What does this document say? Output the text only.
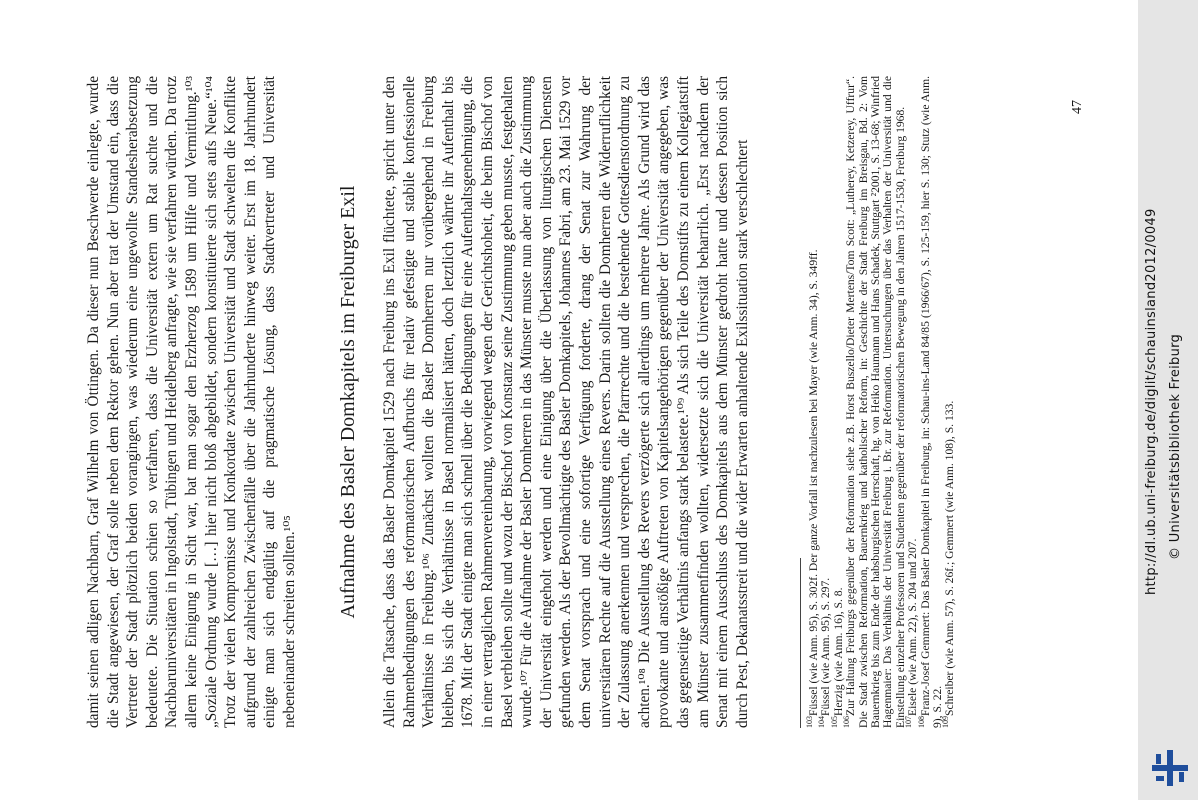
damit seinen adligen Nachbarn, Graf Wilhelm von Öttingen. Da dieser nun Beschwerde einlegte, wurde die Stadt angewiesen, der Graf solle neben dem Rektor gehen. Nun aber trat der Umstand ein, dass die Vertreter der Stadt plötzlich beiden vorangingen, was wiederum eine ungewollte Standesherabsetzung bedeutete. Die Situation schien so verfahren, dass die Universität extern um Rat suchte und die Nachbaruniversitäten in Ingolstadt, Tübingen und Heidelberg anfragte, wie sie verfahren würden. Da trotz allem keine Einigung in Sicht war, bat man sogar den Erzherzog 1589 um Hilfe und Vermittlung.¹⁰³ „Soziale Ordnung wurde […] hier nicht bloß abgebildet, sondern konstituierte sich stets aufs Neue.“¹⁰⁴ Trotz der vielen Kompromisse und Konkordate zwischen Universität und Stadt schwelten die Konflikte aufgrund der zahlreichen Zwischenfälle über die Jahrhunderte hinweg weiter. Erst im 18. Jahrhundert einigte man sich endgültig auf die pragmatische Lösung, dass Stadtvertreter und Universität nebeneinander schreiten sollten.¹⁰⁵

Aufnahme des Basler Domkapitels im Freiburger Exil Allein die Tatsache, dass das Basler Domkapitel 1529 nach Freiburg ins Exil flüchtete, spricht unter den Rahmenbedingungen des reformatorischen Aufbruchs für relativ gefestigte und stabile konfessionelle Verhältnisse in Freiburg.¹⁰⁶ Zunächst wollten die Basler Domherren nur vorübergehend in Freiburg bleiben, bis sich die Verhältnisse in Basel normalisiert hätten, doch letztlich währte ihr Aufenthalt bis 1678. Mit der Stadt einigte man sich schnell über die Bedingungen für eine Aufenthaltsgenehmigung, die in einer vertraglichen Rahmenvereinbarung, vorwiegend wegen der Gerichtshoheit, die beim Bischof von Basel verbleiben sollte und wozu der Bischof von Konstanz seine Zustimmung geben musste, festgehalten wurde.¹⁰⁷ Für die Aufnahme der Basler Domherren in das Münster musste nun aber auch die Zustimmung der Universität eingeholt werden und eine Einigung über die Überlassung von liturgischen Diensten gefunden werden. Als der Bevollmächtigte des Basler Domkapitels, Johannes Fabri, am 23. Mai 1529 vor dem Senat vorsprach und eine sofortige Verfügung forderte, drang der Senat zur Wahrung der universitären Rechte auf die Ausstellung eines Revers. Darin sollten die Domherren die Widerruflichkeit der Zulassung anerkennen und versprechen, die Pfarrrechte und die bestehende Gottesdienstordnung zu achten.¹⁰⁸ Die Ausstellung des Revers verzögerte sich allerdings um mehrere Jahre. Als Grund wird das provokante und anstößige Auftreten von Kapitelsangehörigen gegenüber der Universität angegeben, was das gegenseitige Verhältnis anfangs stark belastete.¹⁰⁹ Als sich Teile des Domstifts zu einem Kollegiatstift am Münster zusammenfinden wollten, widersetzte sich die Universität beharrlich. „Erst nachdem der Senat mit einem Ausschluss des Domkapitels aus dem Münster gedroht hatte und dessen Position sich durch Pest, Dekanatsstreit und die wider Erwarten anhaltende Exilssituation stark verschlechtert	$^{103}$Füssel (wie Anm. 95), S. 302f. Der ganze Vorfall ist nachzulesen bei Mayer (wie Anm. 34), S. 349ff.

$^{104}$Füssel (wie Anm. 95), S. 297.

$^{105}$Herzig (wie Anm. 16), S. 8.

$^{106}$Zur Haltung Freiburgs gegenüber der Reformation siehe z.B. Horst Buszello/Dieter Mertens/Tom Scott: „Lutherey, Ketzerey, Uffrur“. Die Stadt zwischen Reformation, Bauernkrieg und katholischer Reform, in: Geschichte der Stadt Freiburg im Breisgau, Bd. 2: Vom Bauernkrieg bis zum Ende der habsburgischen Herrschaft, hg. von Heiko Haumann und Hans Schadek, Stuttgart ²2001, S. 13-68; Winfried Hagenmaier: Das Verhältnis der Universität Freiburg i. Br. zur Reformation. Untersuchungen über das Verhalten der Universität und die Einstellung einzelner Professoren und Studenten gegenüber der reformatorischen Bewegung in den Jahren 1517-1530, Freiburg 1968.

$^{107}$Eisele (wie Anm. 22), S. 204 und 207.

$^{108}$Franz-Josef Gemmert: Das Basler Domkapitel in Freiburg, in: Schau-ins-Land 84/85 (1966/67), S. 125-159, hier S. 130; Stutz (wie Anm. 9), S. 22.

$^{109}$Schreiber (wie Anm. 57), S. 26f.; Gemmert (wie Anm. 108), S. 133.

47
http://dl.ub.uni-freiburg.de/diglit/schauinsland2012/0049 © Universitätsbibliothek Freiburg
